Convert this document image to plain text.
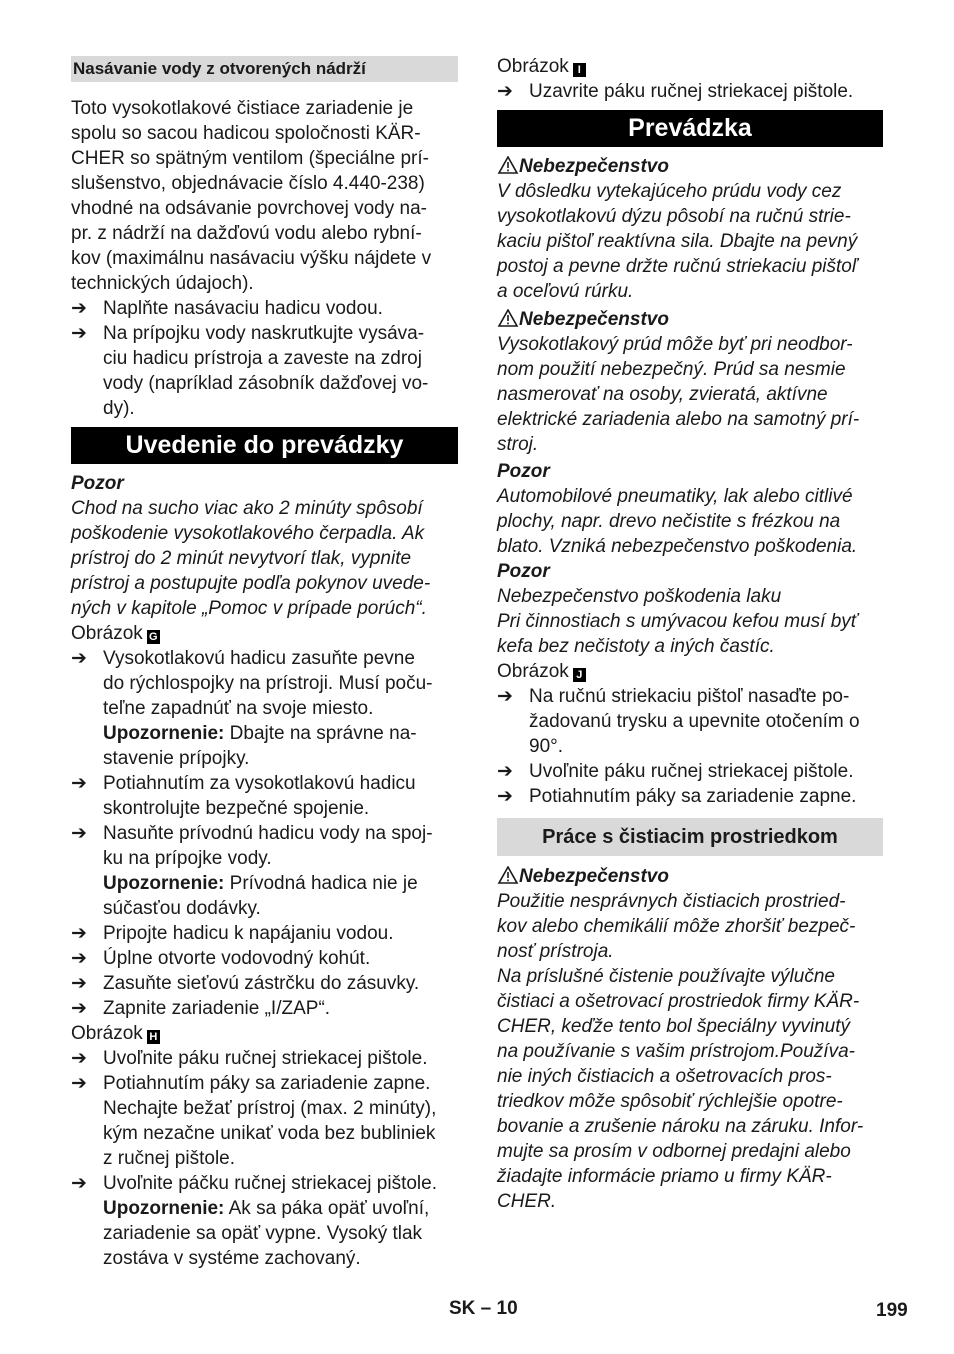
Nasávanie vody z otvorených nádrží
Toto vysokotlakové čistiace zariadenie je
spolu so sacou hadicou spoločnosti KÄR-
CHER so spätným ventilom (špeciálne prí-
slušenstvo, objednávacie číslo 4.440-238)
vhodné na odsávanie povrchovej vody na-
pr. z nádrží na dažďovú vodu alebo rybní-
kov (maximálnu nasávaciu výšku nájdete v
technických údajoch).
➔ Naplňte nasávaciu hadicu vodou.
➔ Na prípojku vody naskrutkujte vysáva-
ciu hadicu prístroja a zaveste na zdroj
vody (napríklad zásobník dažďovej vo-
dy).
Uvedenie do prevádzky
Pozor
Chod na sucho viac ako 2 minúty spôsobí
poškodenie vysokotlakového čerpadla. Ak
prístroj do 2 minút nevytvorí tlak, vypnite
prístroj a postupujte podľa pokynov uvede-
ných v kapitole „Pomoc v prípade porúch“.
Obrázok G
➔ Vysokotlakovú hadicu zasuňte pevne
do rýchlospojky na prístroji. Musí poču-
teľne zapadnúť na svoje miesto.
Upozornenie: Dbajte na správne na-
stavenie prípojky.
➔ Potiahnutím za vysokotlakovú hadicu
skontrolujte bezpečné spojenie.
➔ Nasuňte prívodnú hadicu vody na spoj-
ku na prípojke vody.
Upozornenie: Prívodná hadica nie je
súčasťou dodávky.
➔ Pripojte hadicu k napájaniu vodou.
➔ Úplne otvorte vodovodný kohút.
➔ Zasuňte sieťovú zástrčku do zásuvky.
➔ Zapnite zariadenie „I/ZAP“.
Obrázok H
➔ Uvoľnite páku ručnej striekacej pištole.
➔ Potiahnutím páky sa zariadenie zapne.
Nechajte bežať prístroj (max. 2 minúty),
kým nezačne unikať voda bez bubliniek
z ručnej pištole.
➔ Uvoľnite páčku ručnej striekacej pištole.
Upozornenie: Ak sa páka opäť uvoľní,
zariadenie sa opäť vypne. Vysoký tlak
zostáva v systéme zachovaný.
Obrázok I
➔ Uzavrite páku ručnej striekacej pištole.
Prevádzka
Nebezpečenstvo
V dôsledku vytekajúceho prúdu vody cez
vysokotlakovú dýzu pôsobí na ručnú strie-
kaciu pištoľ reaktívna sila. Dbajte na pevný
postoj a pevne držte ručnú striekaciu pištoľ
a oceľovú rúrku.
Nebezpečenstvo
Vysokotlakový prúd môže byť pri neodbor-
nom použití nebezpečný. Prúd sa nesmie
nasmerovať na osoby, zvieratá, aktívne
elektrické zariadenia alebo na samotný prí-
stroj.
Pozor
Automobilové pneumatiky, lak alebo citlivé
plochy, napr. drevo nečistite s frézkou na
blato. Vzniká nebezpečenstvo poškodenia.
Pozor
Nebezpečenstvo poškodenia laku
Pri činnostiach s umývacou kefou musí byť
kefa bez nečistoty a iných častíc.
Obrázok J
➔ Na ručnú striekaciu pištoľ nasaďte po-
žadovanú trysku a upevnite otočením o
90°.
➔ Uvoľnite páku ručnej striekacej pištole.
➔ Potiahnutím páky sa zariadenie zapne.
Práce s čistiacim prostriedkom
Nebezpečenstvo
Použitie nesprávnych čistiacich prostried-
kov alebo chemikálií môže zhoršiť bezpeč-
nosť prístroja.
Na príslušné čistenie používajte výlučne
čistiaci a ošetrovací prostriedok firmy KÄR-
CHER, keďže tento bol špeciálny vyvinutý
na používanie s vašim prístrojom.Používa-
nie iných čistiacich a ošetrovacích pros-
triedkov môže spôsobiť rýchlejšie opotre-
bovanie a zrušenie nároku na záruku. Infor-
mujte sa prosím v odbornej predajni alebo
žiadajte informácie priamo u firmy KÄR-
CHER.
SK – 10	199
